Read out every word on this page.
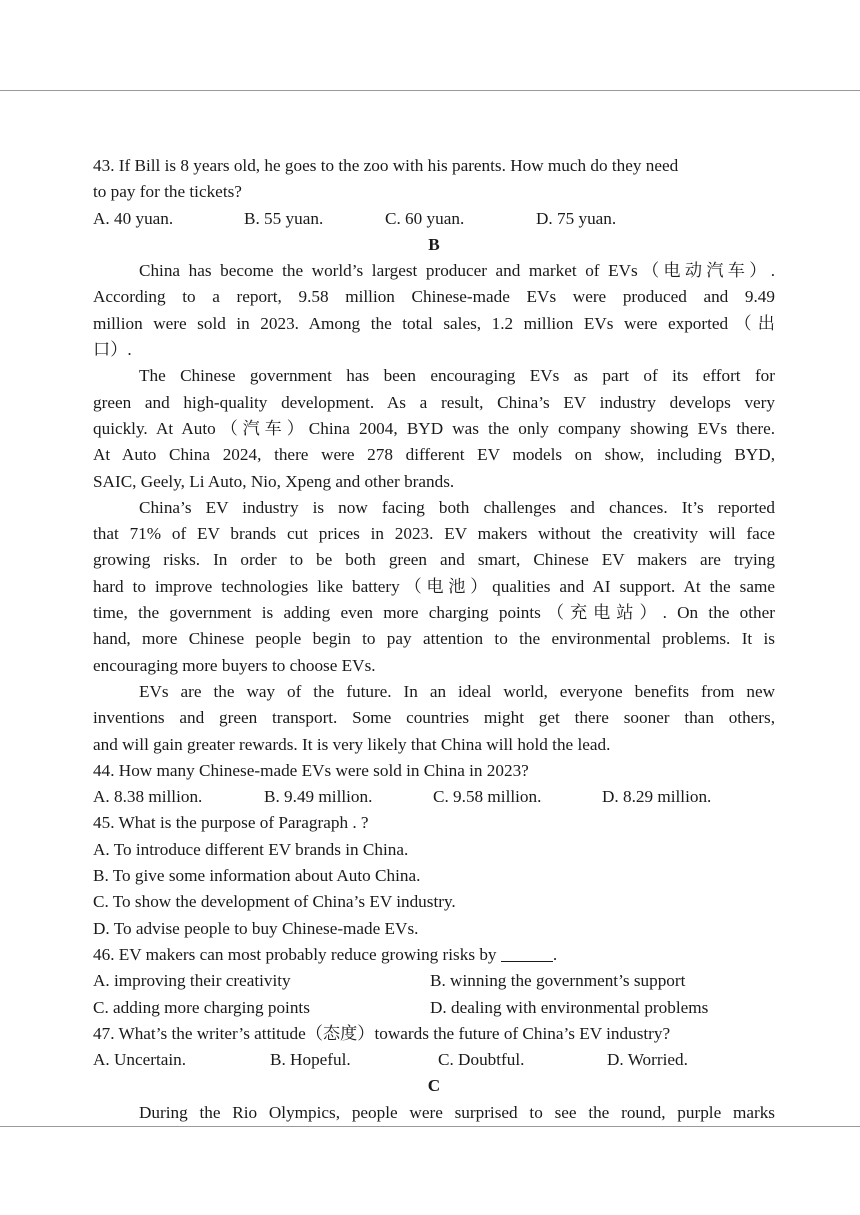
43. If Bill is 8 years old, he goes to the zoo with his parents. How much do they need
to pay for the tickets?
A. 40 yuan.	B. 55 yuan.	C. 60 yuan.	D. 75 yuan.
B
China has become the world’s largest producer and market of EVs（电动汽车）.
According to a report, 9.58 million Chinese-made EVs were produced and 9.49
million were sold in 2023. Among the total sales, 1.2 million EVs were exported（出
口）.
The Chinese government has been encouraging EVs as part of its effort for
green and high-quality development. As a result, China’s EV industry develops very
quickly. At Auto（汽车）China 2004, BYD was the only company showing EVs there.
At Auto China 2024, there were 278 different EV models on show, including BYD,
SAIC, Geely, Li Auto, Nio, Xpeng and other brands.
China’s EV industry is now facing both challenges and chances. It’s reported
that 71% of EV brands cut prices in 2023. EV makers without the creativity will face
growing risks. In order to be both green and smart, Chinese EV makers are trying
hard to improve technologies like battery（电池）qualities and AI support. At the same
time, the government is adding even more charging points（充电站）. On the other
hand, more Chinese people begin to pay attention to the environmental problems. It is
encouraging more buyers to choose EVs.
EVs are the way of the future. In an ideal world, everyone benefits from new
inventions and green transport. Some countries might get there sooner than others,
and will gain greater rewards. It is very likely that China will hold the lead.
44. How many Chinese-made EVs were sold in China in 2023?
A. 8.38 million.	B. 9.49 million.	C. 9.58 million.	D. 8.29 million.
45. What is the purpose of Paragraph . ?
A. To introduce different EV brands in China.
B. To give some information about Auto China.
C. To show the development of China’s EV industry.
D. To advise people to buy Chinese-made EVs.
46. EV makers can most probably reduce growing risks by	.
A. improving their creativity	B. winning the government’s support
C. adding more charging points	D. dealing with environmental problems
47. What’s the writer’s attitude（态度）towards the future of China’s EV industry?
A. Uncertain.	B. Hopeful.	C. Doubtful.	D. Worried.
C
During the Rio Olympics, people were surprised to see the round, purple marks
